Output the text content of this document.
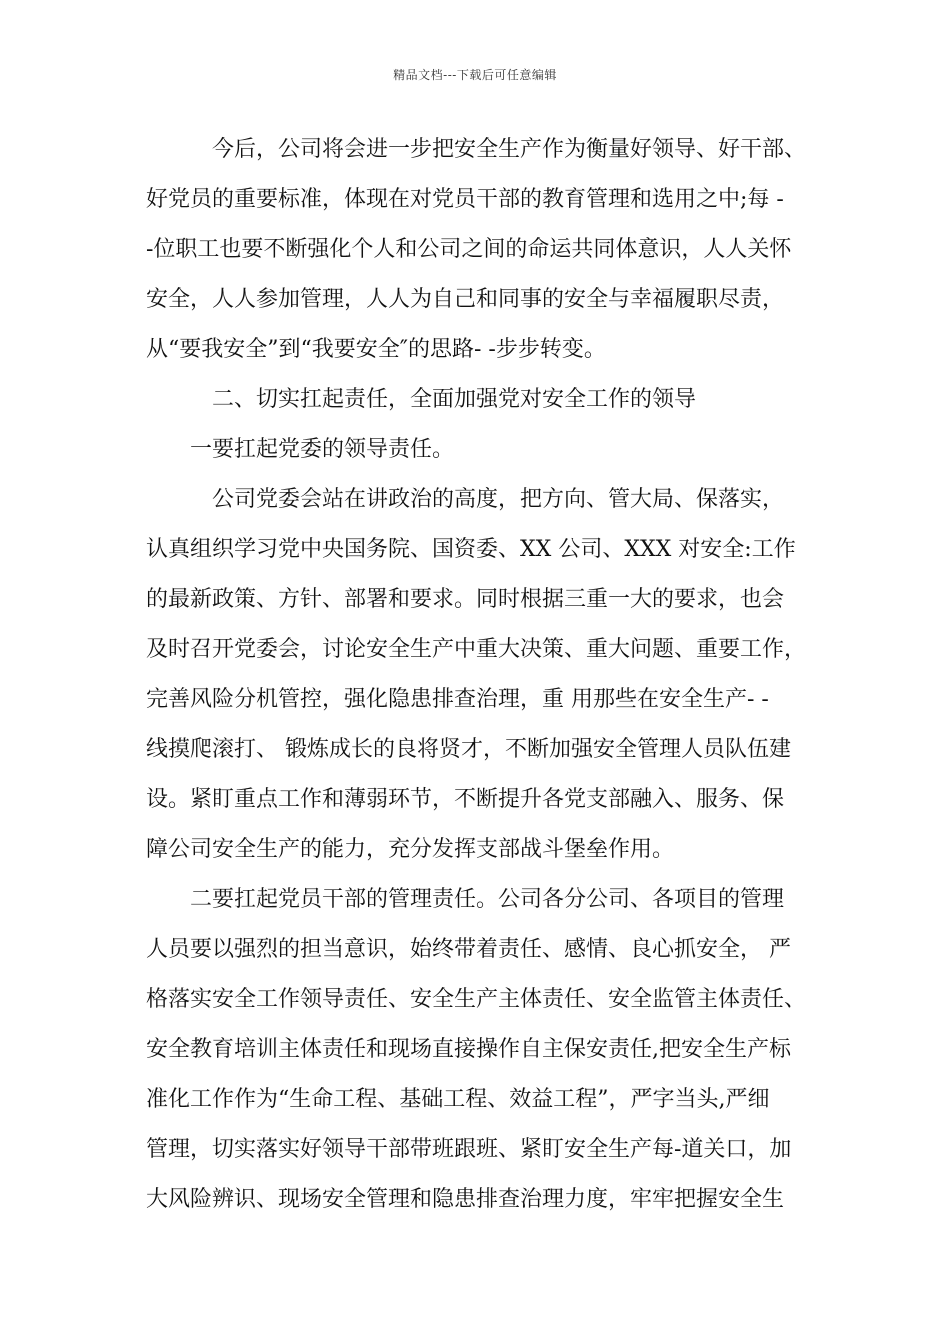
精品文档---下载后可任意编辑
今后，公司将会进一步把安全生产作为衡量好领导、好干部、
好党员的重要标准，体现在对党员干部的教育管理和选用之中;每 -
-位职工也要不断强化个人和公司之间的命运共同体意识，人人关怀
安全，人人参加管理，人人为自己和同事的安全与幸福履职尽责，
从“要我安全”到“我要安全″的思路- -步步转变。
二、切实扛起责任，全面加强党对安全工作的领导
一要扛起党委的领导责任。
公司党委会站在讲政治的高度，把方向、管大局、保落实，
认真组织学习党中央国务院、国资委、XX 公司、XXX 对安全:工作
的最新政策、方针、部署和要求。同时根据三重一大的要求，也会
及时召开党委会，讨论安全生产中重大决策、重大问题、重要工作，
完善风险分机管控，强化隐患排查治理，重 用那些在安全生产- -
线摸爬滚打、 锻炼成长的良将贤才，不断加强安全管理人员队伍建
设。紧盯重点工作和薄弱环节，不断提升各党支部融入、服务、保
障公司安全生产的能力，充分发挥支部战斗堡垒作用。
二要扛起党员干部的管理责任。公司各分公司、各项目的管理
人员要以强烈的担当意识，始终带着责任、感情、良心抓安全， 严
格落实安全工作领导责任、安全生产主体责任、安全监管主体责任、
安全教育培训主体责任和现场直接操作自主保安责任,把安全生产标
准化工作作为“生命工程、基础工程、效益工程”，严字当头,严细
管理，切实落实好领导干部带班跟班、紧盯安全生产每-道关口，加
大风险辨识、现场安全管理和隐患排查治理力度，牢牢把握安全生
